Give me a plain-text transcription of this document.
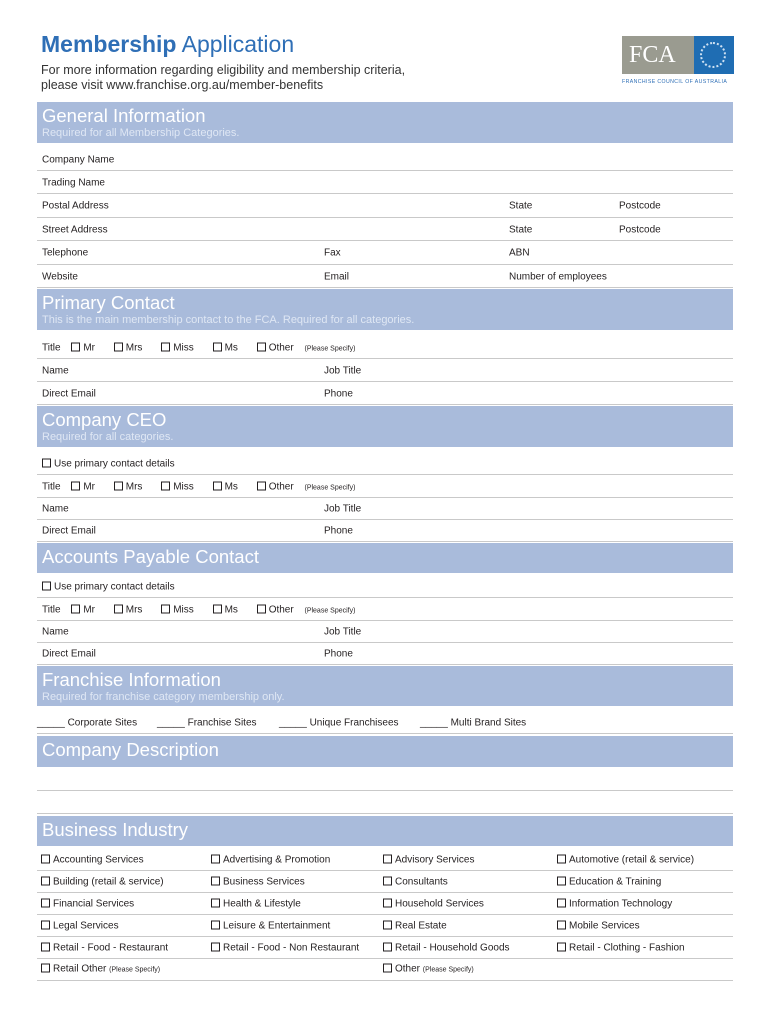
Membership Application
For more information regarding eligibility and membership criteria,
please visit www.franchise.org.au/member-benefits
FCA
FRANCHISE COUNCIL OF AUSTRALIA
General Information
Required for all Membership Categories.
Company Name
Trading Name
Postal Address	State	Postcode
Street Address	State	Postcode
Telephone	Fax	ABN
Website	Email	Number of employees
Primary Contact
This is the main membership contact to the FCA. Required for all categories.
Title Mr	Mrs	Miss	Ms	Other (Please Specify)
Name	Job Title
Direct Email	Phone
Company CEO
Required for all categories.
Use primary contact details
Title Mr	Mrs	Miss	Ms	Other (Please Specify)
Name	Job Title
Direct Email	Phone
Accounts Payable Contact
Use primary contact details
Title Mr	Mrs	Miss	Ms	Other (Please Specify)
Name	Job Title
Direct Email	Phone
Franchise Information
Required for franchise category membership only.
_____ Corporate Sites _____ Franchise Sites _____ Unique Franchisees _____ Multi Brand Sites
Company Description
Business Industry
Accounting Services	Advertising & Promotion	Advisory Services	Automotive (retail & service)
Building (retail & service)	Business Services	Consultants	Education & Training
Financial Services	Health & Lifestyle	Household Services	Information Technology
Legal Services	Leisure & Entertainment	Real Estate	Mobile Services
Retail - Food - Restaurant	Retail - Food - Non Restaurant	Retail - Household Goods	Retail - Clothing - Fashion
Retail Other (Please Specify)	Other (Please Specify)
